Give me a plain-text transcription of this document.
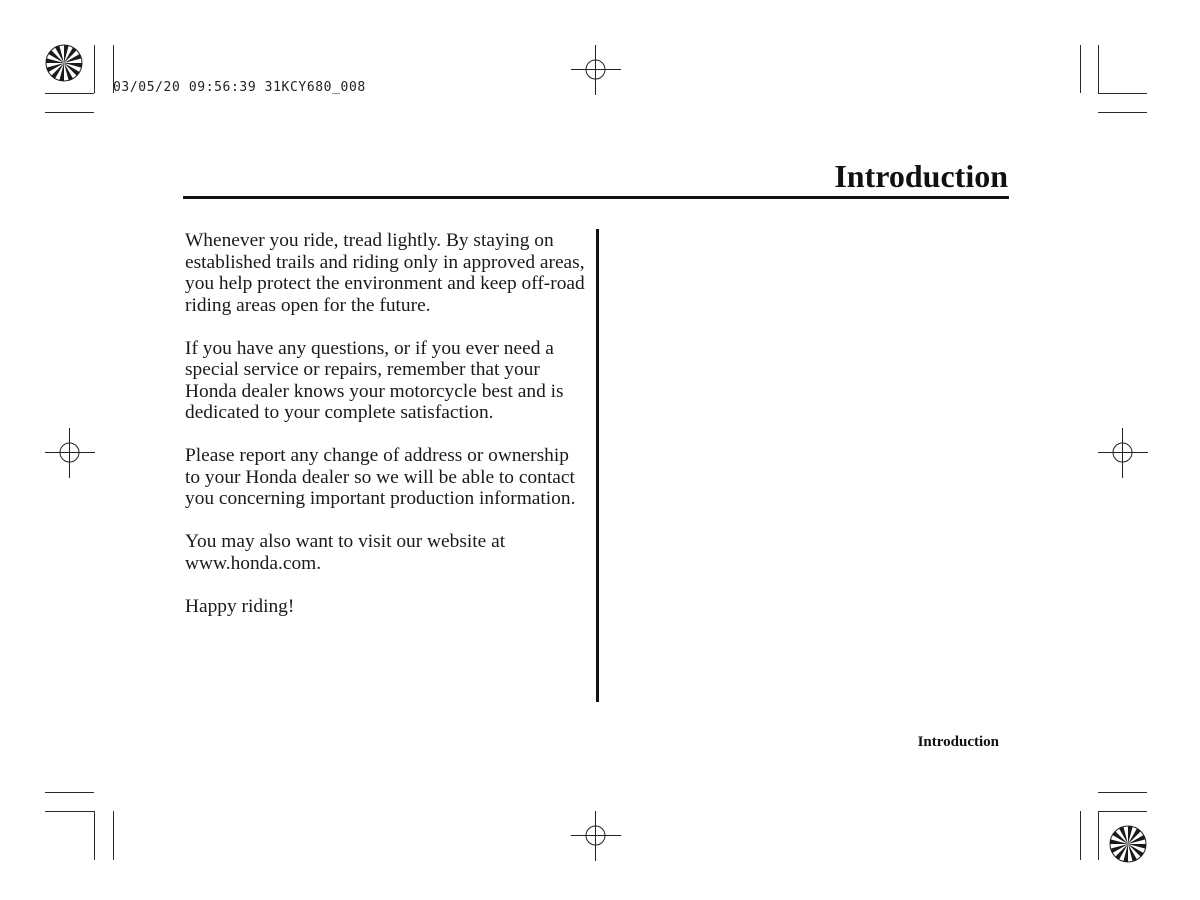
03/05/20 09:56:39 31KCY680_008
Introduction

Whenever you ride, tread lightly. By staying on established trails and riding only in approved areas, you help protect the environment and keep off-road riding areas open for the future.

If you have any questions, or if you ever need a special service or repairs, remember that your Honda dealer knows your motorcycle best and is dedicated to your complete satisfaction.

Please report any change of address or ownership to your Honda dealer so we will be able to contact you concerning important production information.

You may also want to visit our website at www.honda.com.

Happy riding!

Introduction
